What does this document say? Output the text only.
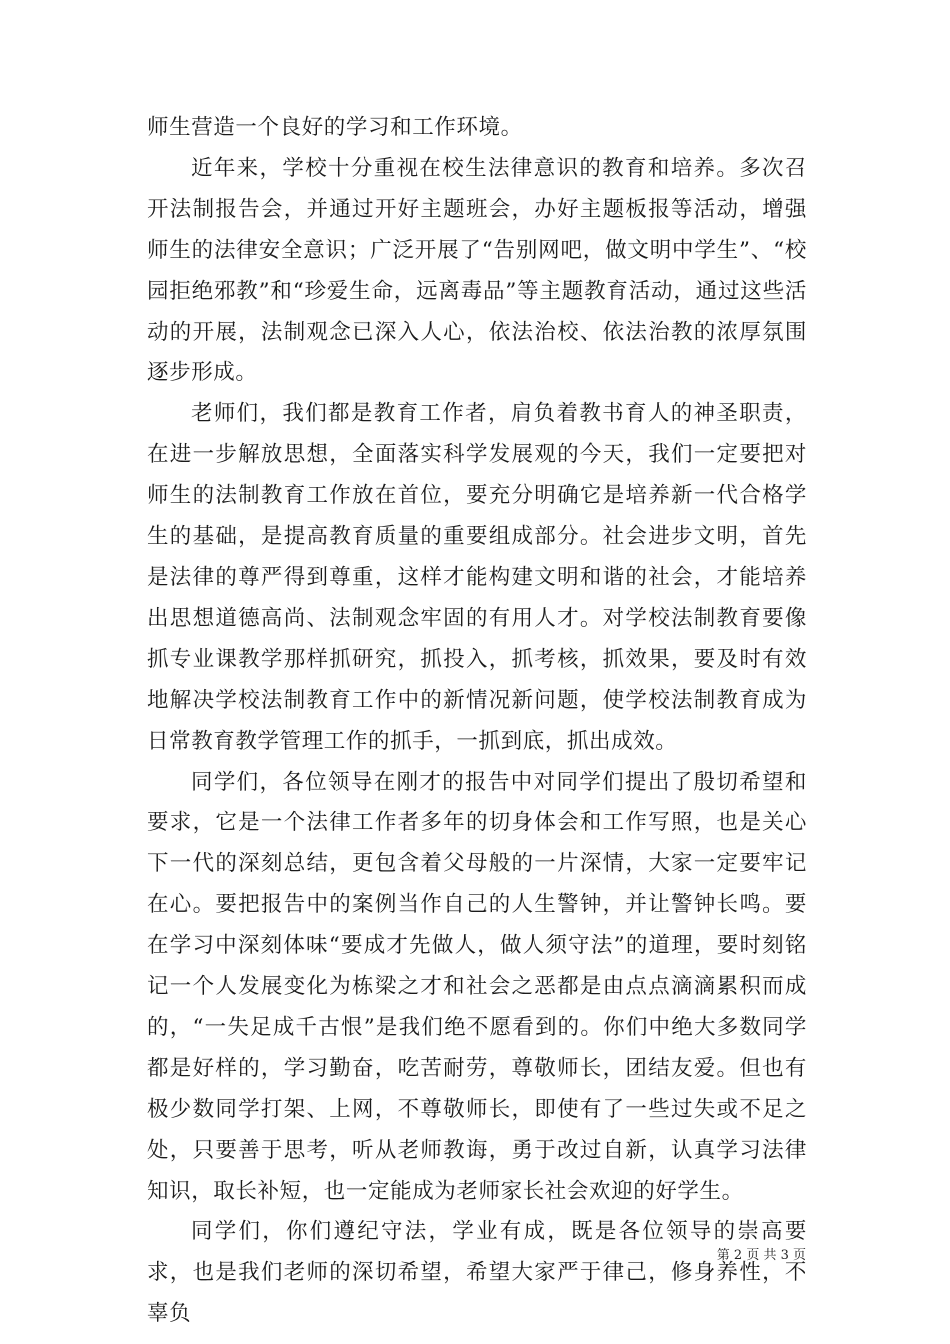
师生营造一个良好的学习和工作环境。

近年来，学校十分重视在校生法律意识的教育和培养。多次召开法制报告会，并通过开好主题班会，办好主题板报等活动，增强师生的法律安全意识；广泛开展了“告别网吧，做文明中学生”、“校园拒绝邪教”和“珍爱生命，远离毒品”等主题教育活动，通过这些活动的开展，法制观念已深入人心，依法治校、依法治教的浓厚氛围逐步形成。

老师们，我们都是教育工作者，肩负着教书育人的神圣职责，在进一步解放思想，全面落实科学发展观的今天，我们一定要把对师生的法制教育工作放在首位，要充分明确它是培养新一代合格学生的基础，是提高教育质量的重要组成部分。社会进步文明，首先是法律的尊严得到尊重，这样才能构建文明和谐的社会，才能培养出思想道德高尚、法制观念牢固的有用人才。对学校法制教育要像抓专业课教学那样抓研究，抓投入，抓考核，抓效果，要及时有效地解决学校法制教育工作中的新情况新问题，使学校法制教育成为日常教育教学管理工作的抓手，一抓到底，抓出成效。

同学们，各位领导在刚才的报告中对同学们提出了殷切希望和要求，它是一个法律工作者多年的切身体会和工作写照，也是关心下一代的深刻总结，更包含着父母般的一片深情，大家一定要牢记在心。要把报告中的案例当作自己的人生警钟，并让警钟长鸣。要在学习中深刻体味“要成才先做人，做人须守法”的道理，要时刻铭记一个人发展变化为栋梁之才和社会之恶都是由点点滴滴累积而成的，“一失足成千古恨”是我们绝不愿看到的。你们中绝大多数同学都是好样的，学习勤奋，吃苦耐劳，尊敬师长，团结友爱。但也有极少数同学打架、上网，不尊敬师长，即使有了一些过失或不足之处，只要善于思考，听从老师教诲，勇于改过自新，认真学习法律知识，取长补短，也一定能成为老师家长社会欢迎的好学生。

同学们，你们遵纪守法，学业有成，既是各位领导的崇高要求，也是我们老师的深切希望，希望大家严于律己，修身养性，不辜负

第 2 页 共 3 页
